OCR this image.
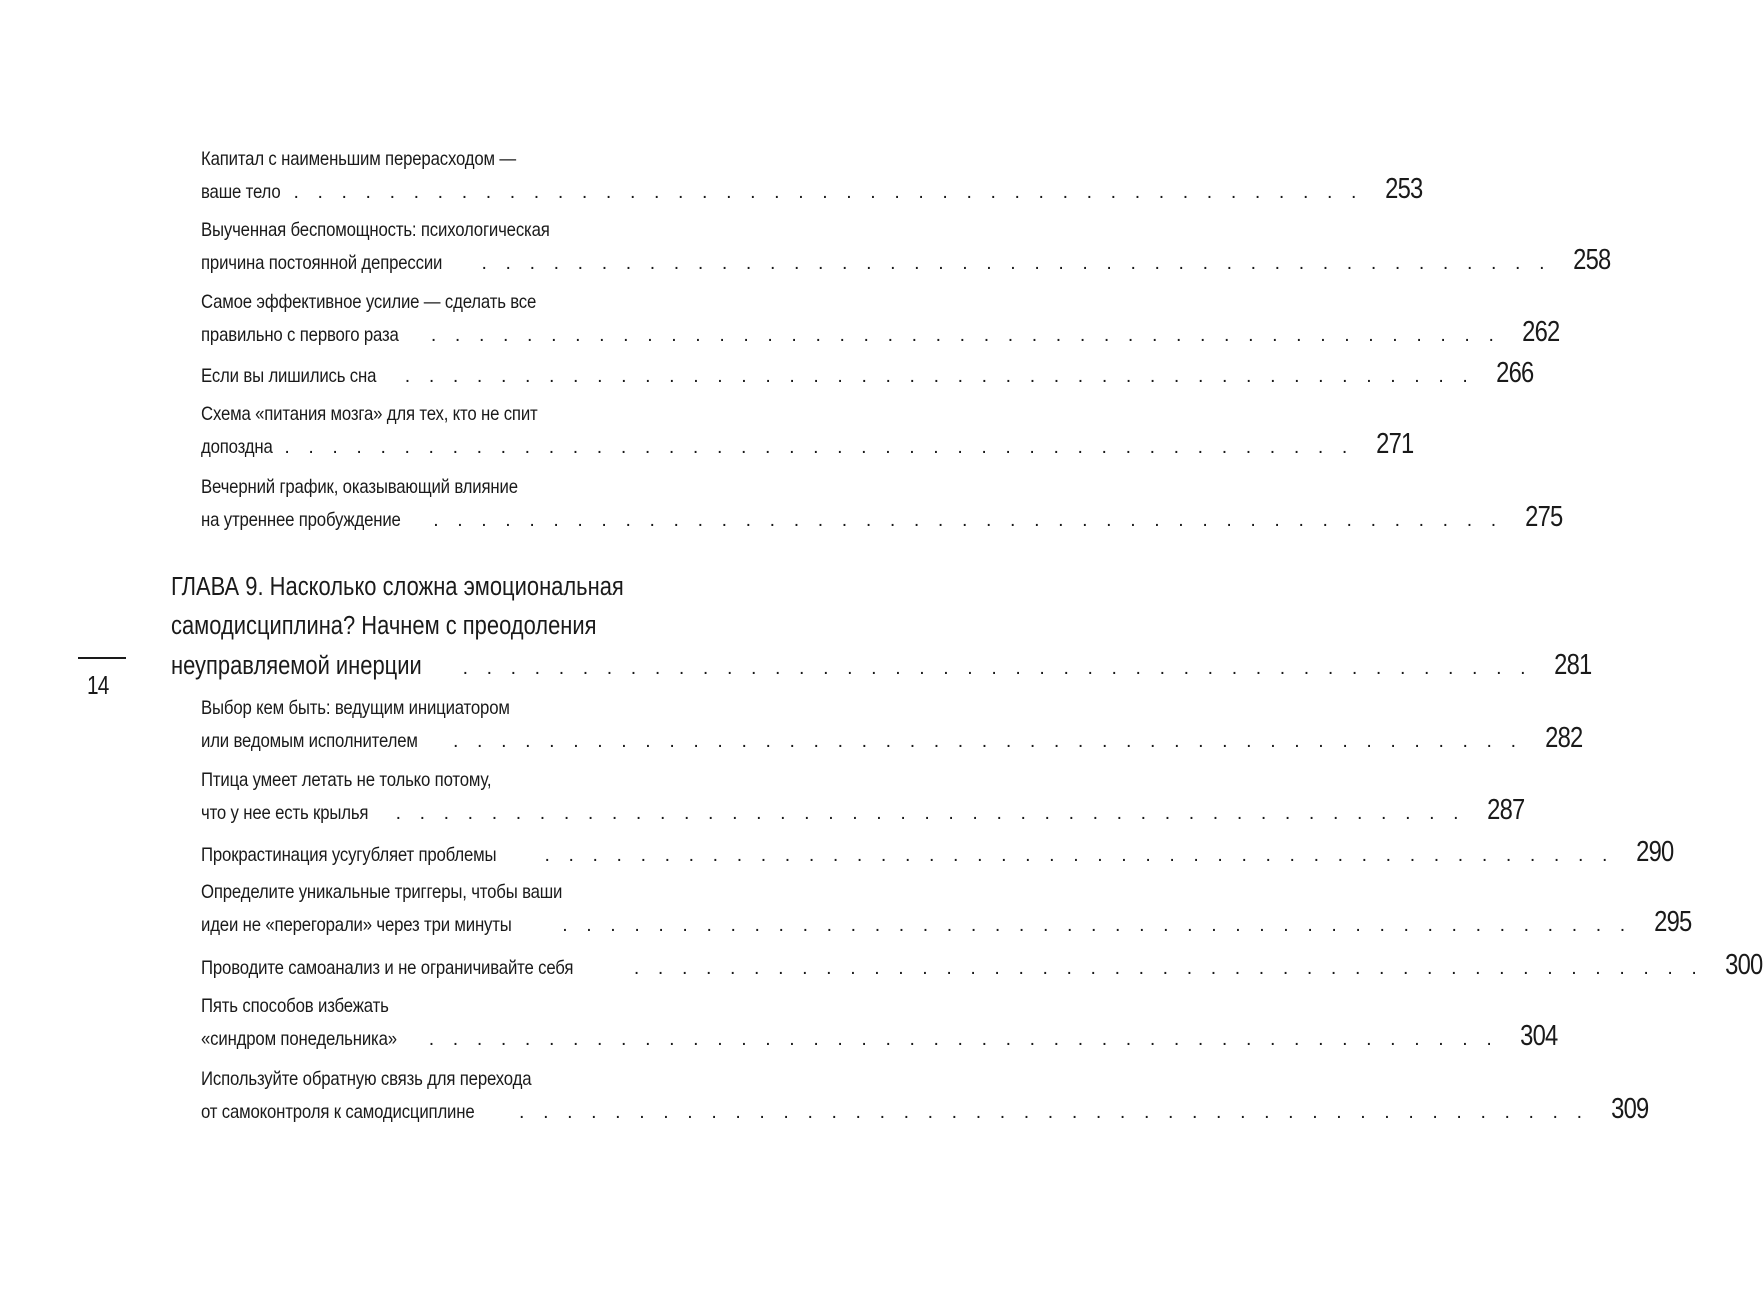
14
Капитал с наименьшим перерасходом —
ваше тело . . . . . . . . . . . . . . . . . . . . . . . . . . . . . . . . . . . . . . . . . . . . . 253
Выученная беспомощность: психологическая
причина постоянной депрессии . . . . . . . . . . . . . . . . . . . . . . . . . . . . . . . . . . . . . . . . . . . . . 258
Самое эффективное усилие — сделать все
правильно с первого раза . . . . . . . . . . . . . . . . . . . . . . . . . . . . . . . . . . . . . . . . . . . . . 262
Если вы лишились сна . . . . . . . . . . . . . . . . . . . . . . . . . . . . . . . . . . . . . . . . . . . . . 266
Схема «питания мозга» для тех, кто не спит
допоздна . . . . . . . . . . . . . . . . . . . . . . . . . . . . . . . . . . . . . . . . . . . . . 271
Вечерний график, оказывающий влияние
на утреннее пробуждение . . . . . . . . . . . . . . . . . . . . . . . . . . . . . . . . . . . . . . . . . . . . . 275
ГЛАВА 9. Насколько сложна эмоциональная
самодисциплина? Начнем с преодоления
неуправляемой инерции . . . . . . . . . . . . . . . . . . . . . . . . . . . . . . . . . . . . . . . . . . . . . 281
Выбор кем быть: ведущим инициатором
или ведомым исполнителем . . . . . . . . . . . . . . . . . . . . . . . . . . . . . . . . . . . . . . . . . . . . . 282
Птица умеет летать не только потому,
что у нее есть крылья . . . . . . . . . . . . . . . . . . . . . . . . . . . . . . . . . . . . . . . . . . . . . 287
Прокрастинация усугубляет проблемы . . . . . . . . . . . . . . . . . . . . . . . . . . . . . . . . . . . . . . . . . . . . . 290
Определите уникальные триггеры, чтобы ваши
идеи не «перегорали» через три минуты	. . . . . . . . . . . . . . . . . . . . . . . . . . . . . . . . . . . . . . . . . . . . . 295
Проводите самоанализ и не ограничивайте себя	. . . . . . . . . . . . . . . . . . . . . . . . . . . . . . . . . . . . . . . . . . . . . 300
Пять способов избежать
«синдром понедельника» . . . . . . . . . . . . . . . . . . . . . . . . . . . . . . . . . . . . . . . . . . . . . 304
Используйте обратную связь для перехода
от самоконтроля к самодисциплине . . . . . . . . . . . . . . . . . . . . . . . . . . . . . . . . . . . . . . . . . . . . . 309
